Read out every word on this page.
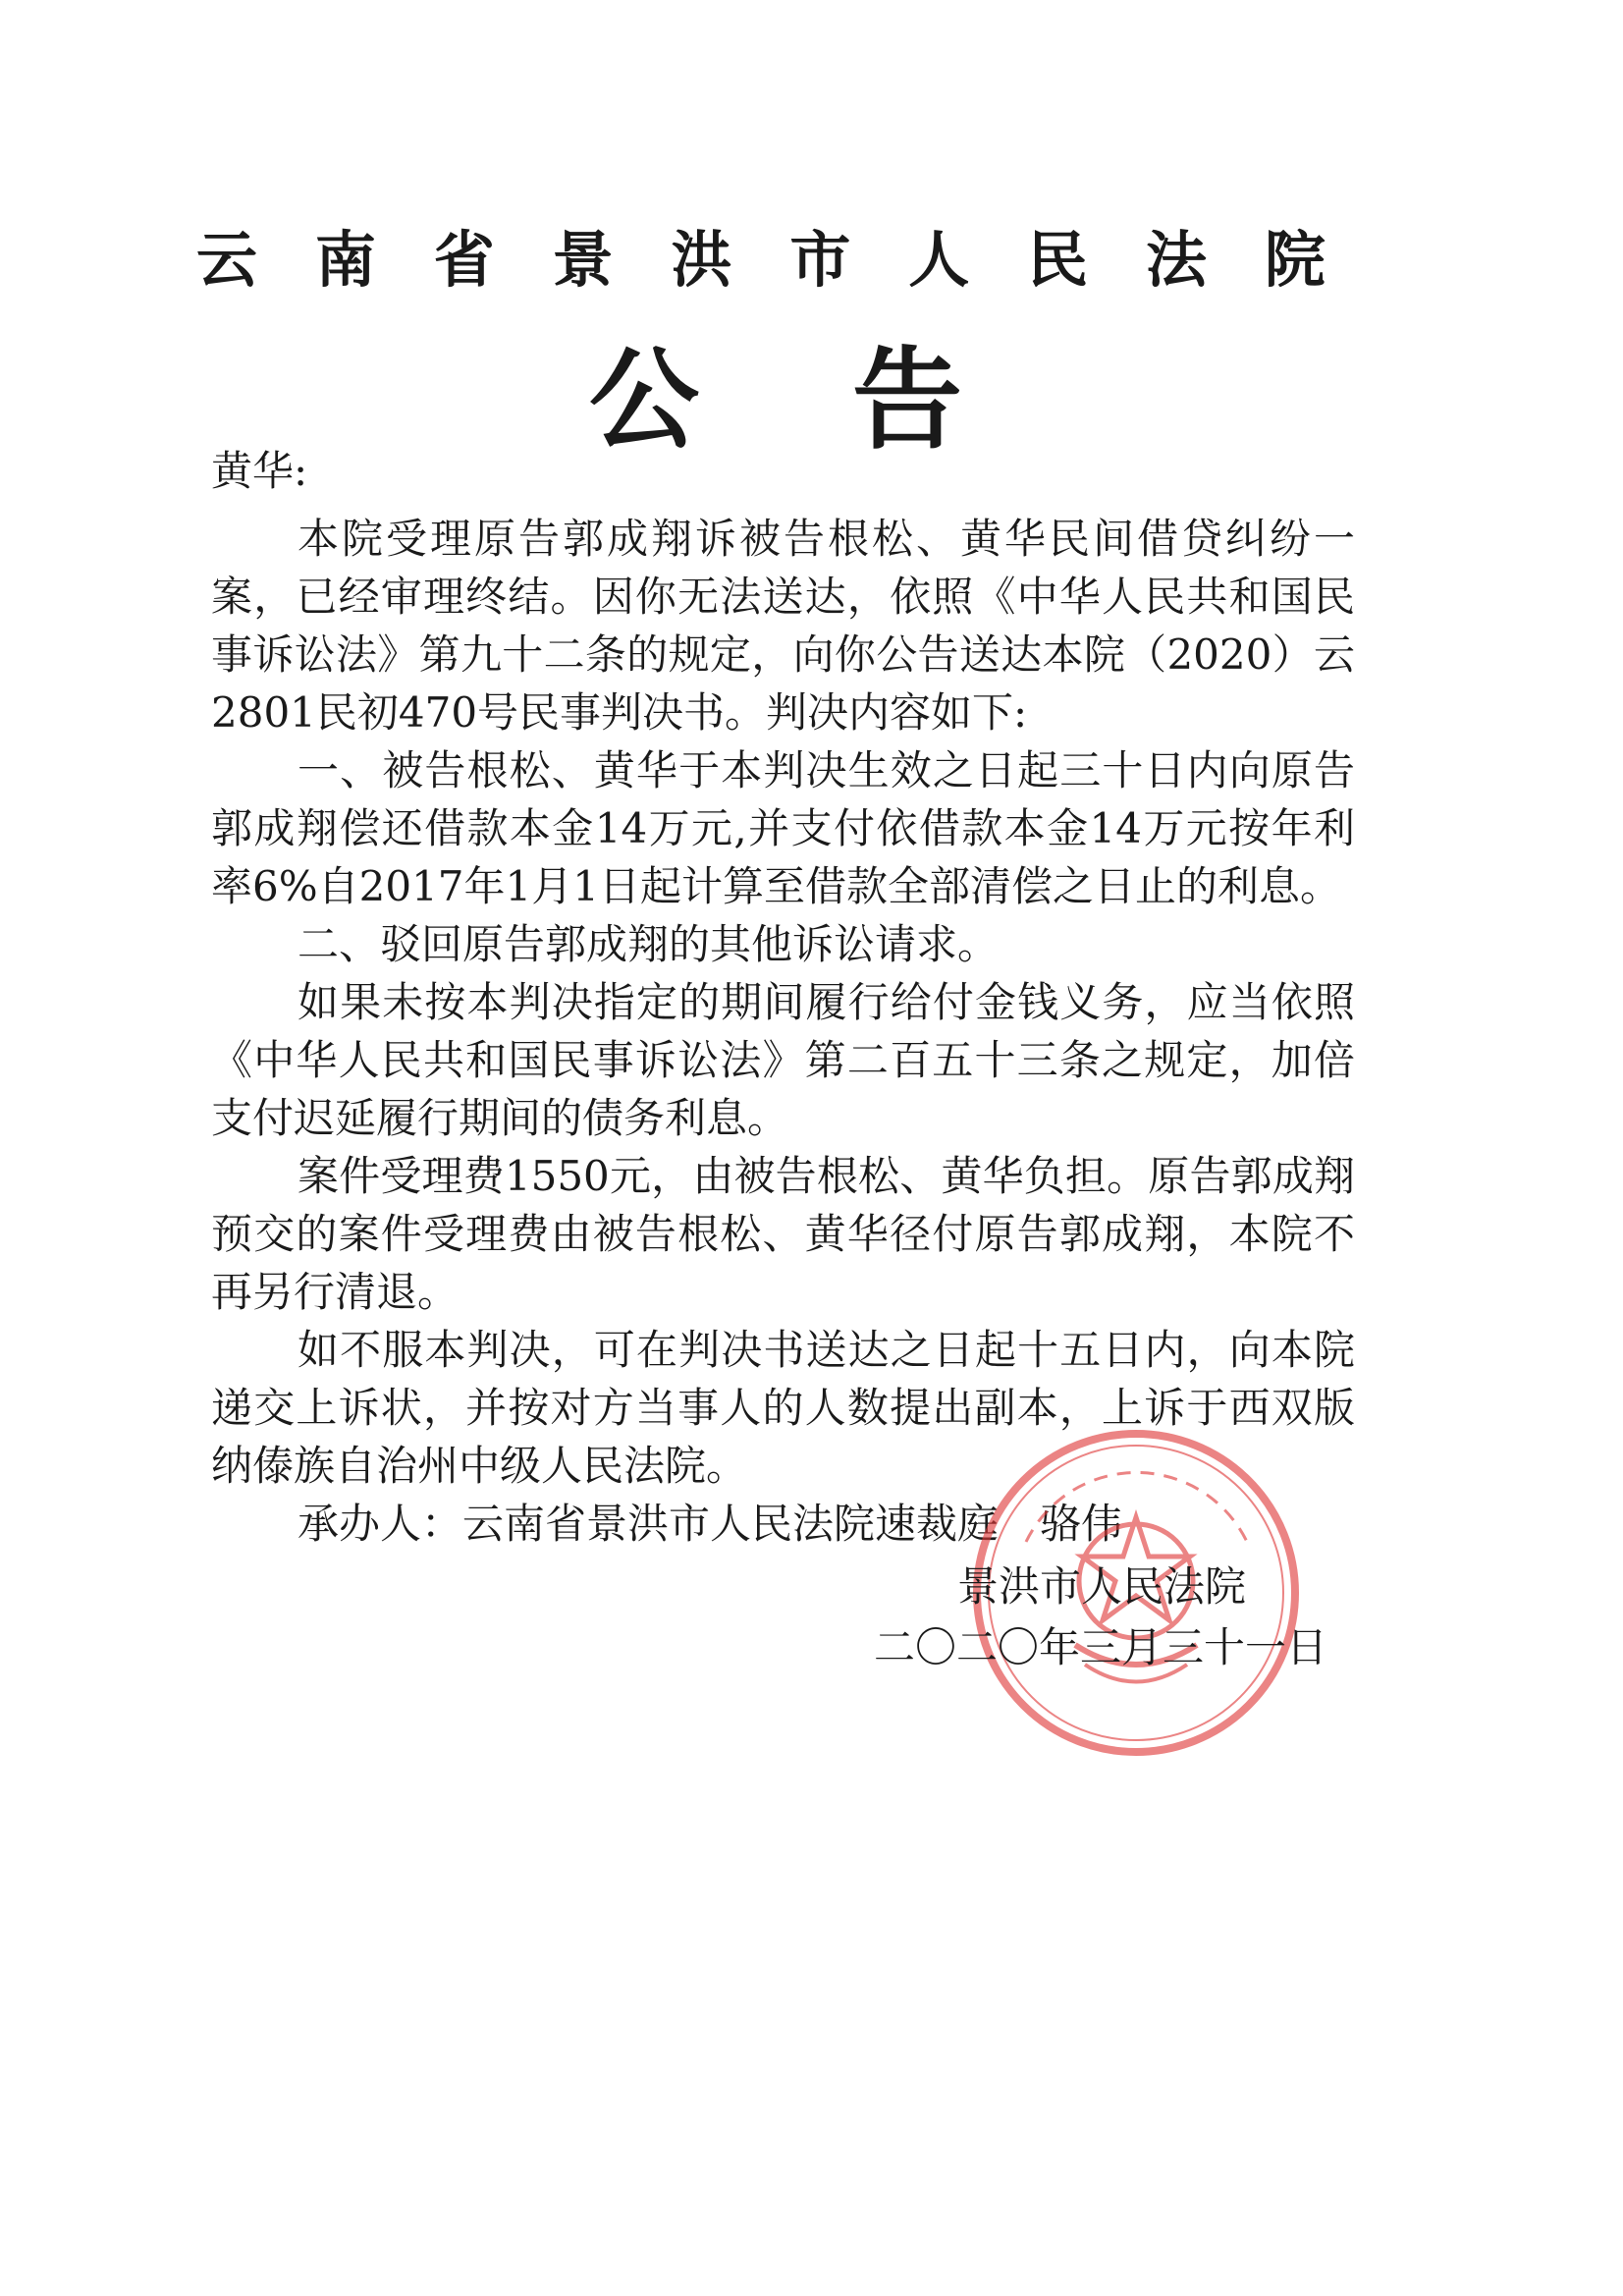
云 南 省 景 洪 市 人 民 法 院
公 告

黄华:

本院受理原告郭成翔诉被告根松、黄华民间借贷纠纷一案，已经审理终结。因你无法送达，依照《中华人民共和国民事诉讼法》第九十二条的规定，向你公告送达本院（2020）云2801民初470号民事判决书。判决内容如下:

一、被告根松、黄华于本判决生效之日起三十日内向原告郭成翔偿还借款本金14万元,并支付依借款本金14万元按年利率6%自2017年1月1日起计算至借款全部清偿之日止的利息。

二、驳回原告郭成翔的其他诉讼请求。

如果未按本判决指定的期间履行给付金钱义务，应当依照《中华人民共和国民事诉讼法》第二百五十三条之规定，加倍支付迟延履行期间的债务利息。

案件受理费1550元，由被告根松、黄华负担。原告郭成翔预交的案件受理费由被告根松、黄华径付原告郭成翔，本院不再另行清退。

如不服本判决，可在判决书送达之日起十五日内，向本院递交上诉状，并按对方当事人的人数提出副本，上诉于西双版纳傣族自治州中级人民法院。

承办人：云南省景洪市人民法院速裁庭　骆伟

景洪市人民法院
二〇二〇年三月三十一日
